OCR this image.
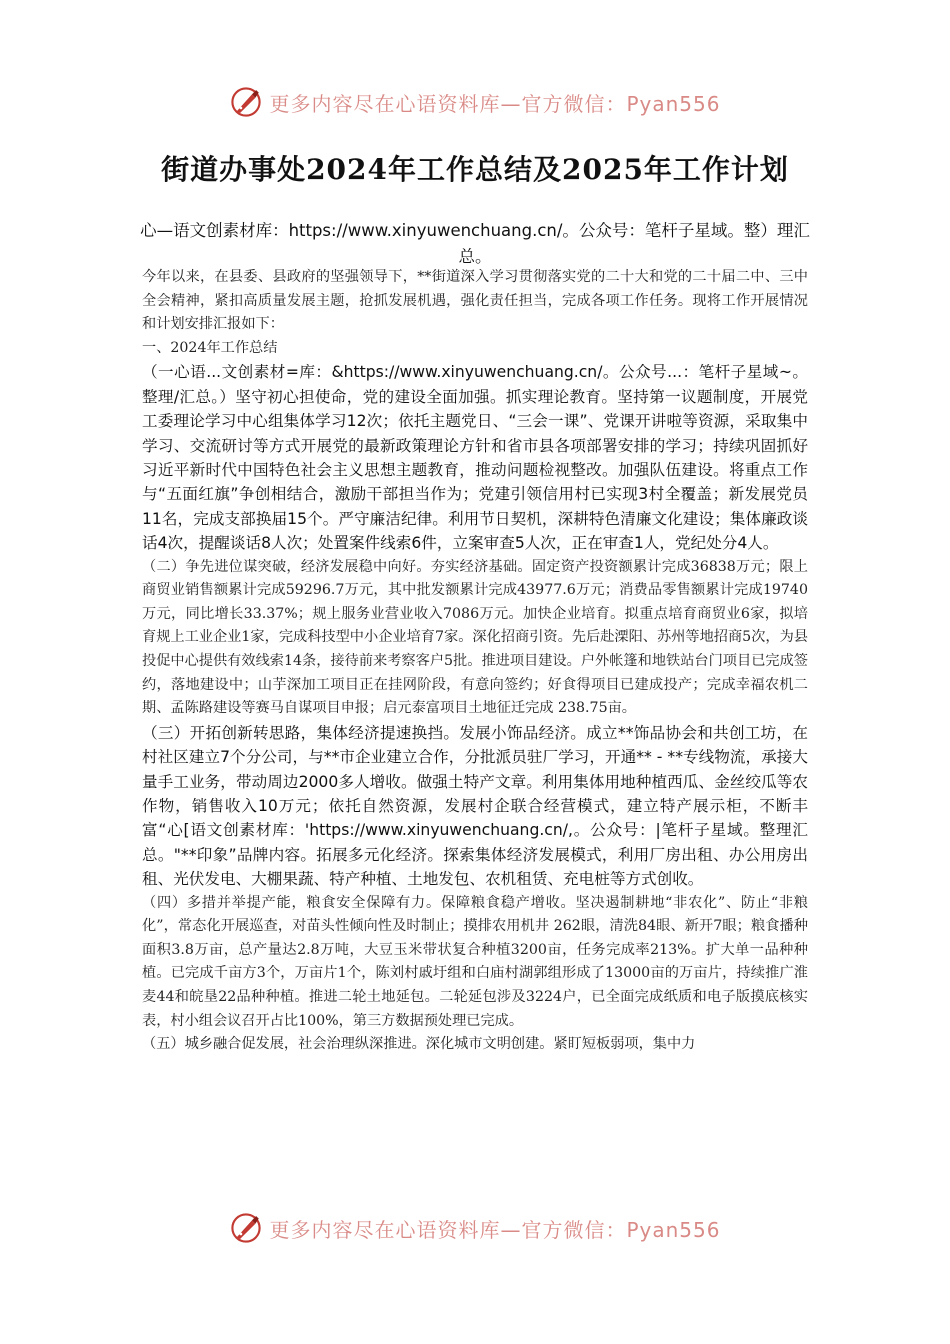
更多内容尽在心语资料库—官方微信：Pyan556
街道办事处2024年工作总结及2025年工作计划
心—语文创素材库：https://www.xinyuwenchuang.cn/。公众号：笔杆子星域。整）理汇总。

今年以来，在县委、县政府的坚强领导下，**街道深入学习贯彻落实党的二十大和党的二十届二中、三中全会精神，紧扣高质量发展主题，抢抓发展机遇，强化责任担当，完成各项工作任务。现将工作开展情况和计划安排汇报如下：

一、2024年工作总结

（一心语...文创素材=库：&https://www.xinyuwenchuang.cn/。公众号...：笔杆子星域~。整理/汇总。）坚守初心担使命，党的建设全面加强。抓实理论教育。坚持第一议题制度，开展党工委理论学习中心组集体学习12次；依托主题党日、“三会一课”、党课开讲啦等资源，采取集中学习、交流研讨等方式开展党的最新政策理论方针和省市县各项部署安排的学习；持续巩固抓好习近平新时代中国特色社会主义思想主题教育，推动问题检视整改。加强队伍建设。将重点工作与“五面红旗”争创相结合，激励干部担当作为；党建引领信用村已实现3村全覆盖；新发展党员11名，完成支部换届15个。严守廉洁纪律。利用节日契机，深耕特色清廉文化建设；集体廉政谈话4次，提醒谈话8人次；处置案件线索6件，立案审查5人次，正在审查1人，党纪处分4人。

（二）争先进位谋突破，经济发展稳中向好。夯实经济基础。固定资产投资额累计完成36838万元；限上商贸业销售额累计完成59296.7万元，其中批发额累计完成43977.6万元；消费品零售额累计完成19740万元，同比增长33.37%；规上服务业营业收入7086万元。加快企业培育。拟重点培育商贸业6家，拟培育规上工业企业1家，完成科技型中小企业培育7家。深化招商引资。先后赴溧阳、苏州等地招商5次，为县投促中心提供有效线索14条，接待前来考察客户5批。推进项目建设。户外帐篷和地铁站台门项目已完成签约，落地建设中；山芋深加工项目正在挂网阶段，有意向签约；好食得项目已建成投产；完成幸福农机二期、孟陈路建设等赛马自谋项目申报；启元泰富项目土地征迁完成 238.75亩。

（三）开拓创新转思路，集体经济提速换挡。发展小饰品经济。成立**饰品协会和共创工坊，在村社区建立7个分公司，与**市企业建立合作，分批派员驻厂学习，开通** - **专线物流，承接大量手工业务，带动周边2000多人增收。做强土特产文章。利用集体用地种植西瓜、金丝绞瓜等农作物，销售收入10万元；依托自然资源，发展村企联合经营模式，建立特产展示柜，不断丰富“心[语文创素材库：'https://www.xinyuwenchuang.cn/,。公众号：|笔杆子星域。整理汇总。"**印象”品牌内容。拓展多元化经济。探索集体经济发展模式，利用厂房出租、办公用房出租、光伏发电、大棚果蔬、特产种植、土地发包、农机租赁、充电桩等方式创收。

（四）多措并举提产能，粮食安全保障有力。保障粮食稳产增收。坚决遏制耕地“非农化”、防止“非粮化”，常态化开展巡查，对苗头性倾向性及时制止；摸排农用机井 262眼，清洗84眼、新开7眼；粮食播种面积3.8万亩，总产量达2.8万吨，大豆玉米带状复合种植3200亩，任务完成率213%。扩大单一品种种植。已完成千亩方3个，万亩片1个，陈刘村戚圩组和白庙村湖郭组形成了13000亩的万亩片，持续推广淮麦44和皖垦22品种种植。推进二轮土地延包。二轮延包涉及3224户，已全面完成纸质和电子版摸底核实表，村小组会议召开占比100%，第三方数据预处理已完成。

（五）城乡融合促发展，社会治理纵深推进。深化城市文明创建。紧盯短板弱项，集中力

更多内容尽在心语资料库—官方微信：Pyan556
